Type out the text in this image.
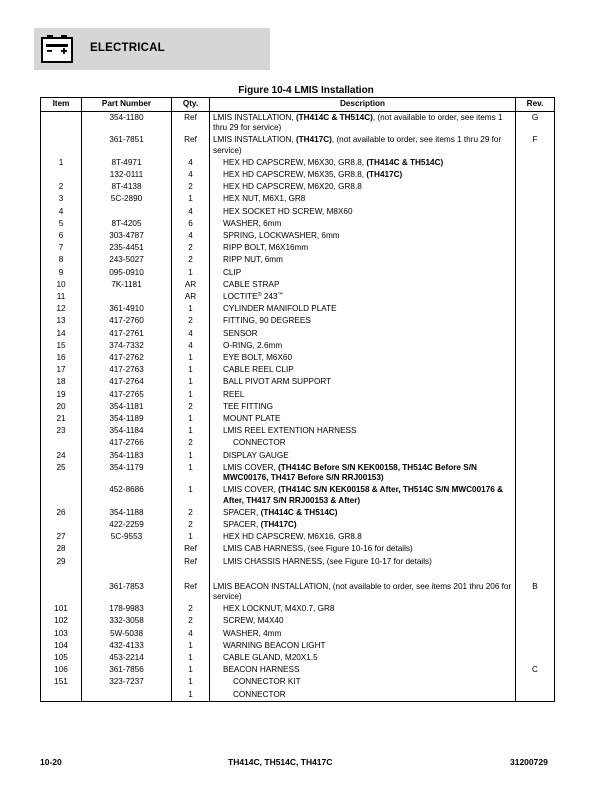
ELECTRICAL
Figure 10-4 LMIS Installation
Item	Part Number	Qty.	Description	Rev.
	354-1180	Ref	LMIS INSTALLATION, (TH414C & TH514C), (not available to order, see items 1 thru 29 for service)	G
	361-7851	Ref	LMIS INSTALLATION, (TH417C), (not available to order, see items 1 thru 29 for service)	F
1	8T-4971	4	HEX HD CAPSCREW, M6X30, GR8.8, (TH414C & TH514C)	

	132-0111	4	HEX HD CAPSCREW, M6X35, GR8.8, (TH417C)	

2	8T-4138	2	HEX HD CAPSCREW, M6X20, GR8.8	

3	5C-2890	1	HEX NUT, M6X1, GR8	

4		4	HEX SOCKET HD SCREW, M8X60	

5	8T-4205	6	WASHER, 6mm	

6	303-4787	4	SPRING, LOCKWASHER, 6mm	

7	235-4451	2	RIPP BOLT, M6X16mm	

8	243-5027	2	RIPP NUT, 6mm	

9	095-0910	1	CLIP	

10	7K-1181	AR	CABLE STRAP	

11		AR	LOCTITE® 243™

12	361-4910	1	CYLINDER MANIFOLD PLATE	

13	417-2760	2	FITTING, 90 DEGREES	

14	417-2761	4	SENSOR	

15	374-7332	4	O-RING, 2.6mm	

16	417-2762	1	EYE BOLT, M6X60	

17	417-2763	1	CABLE REEL CLIP	

18	417-2764	1	BALL PIVOT ARM SUPPORT	

19	417-2765	1	REEL	

20	354-1181	2	TEE FITTING	

21	354-1189	1	MOUNT PLATE	

23	354-1184	1	LMIS REEL EXTENTION HARNESS	

	417-2766	2	CONNECTOR	

24	354-1183	1	DISPLAY GAUGE	

25	354-1179	1	LMIS COVER, (TH414C Before S/N KEK00158, TH514C Before S/N MWC00176, TH417 Before S/N RRJ00153)	

	452-8686	1	LMIS COVER, (TH414C S/N KEK00158 & After, TH514C S/N MWC00176 & After, TH417 S/N RRJ00153 & After)	

26	354-1188	2	SPACER, (TH414C & TH514C)	

	422-2259	2	SPACER, (TH417C)	

27	5C-9553	1	HEX HD CAPSCREW, M6X16, GR8.8	

28		Ref	LMIS CAB HARNESS, (see Figure 10-16 for details)	

29		Ref	LMIS CHASSIS HARNESS, (see Figure 10-17 for details)	

	361-7853	Ref	LMIS BEACON INSTALLATION, (not available to order, see items 201 thru 206 for service)	B
101	178-9983	2	HEX LOCKNUT, M4X0.7, GR8	

102	332-3058	2	SCREW, M4X40	

103	5W-5038	4	WASHER, 4mm	

104	432-4133	1	WARNING BEACON LIGHT	

105	453-2214	1	CABLE GLAND, M20X1.5	

106	361-7856	1	BEACON HARNESS	C
151	323-7237	1	CONNECTOR KIT	

		1	CONNECTOR	

10-20	TH414C, TH514C, TH417C	31200729
